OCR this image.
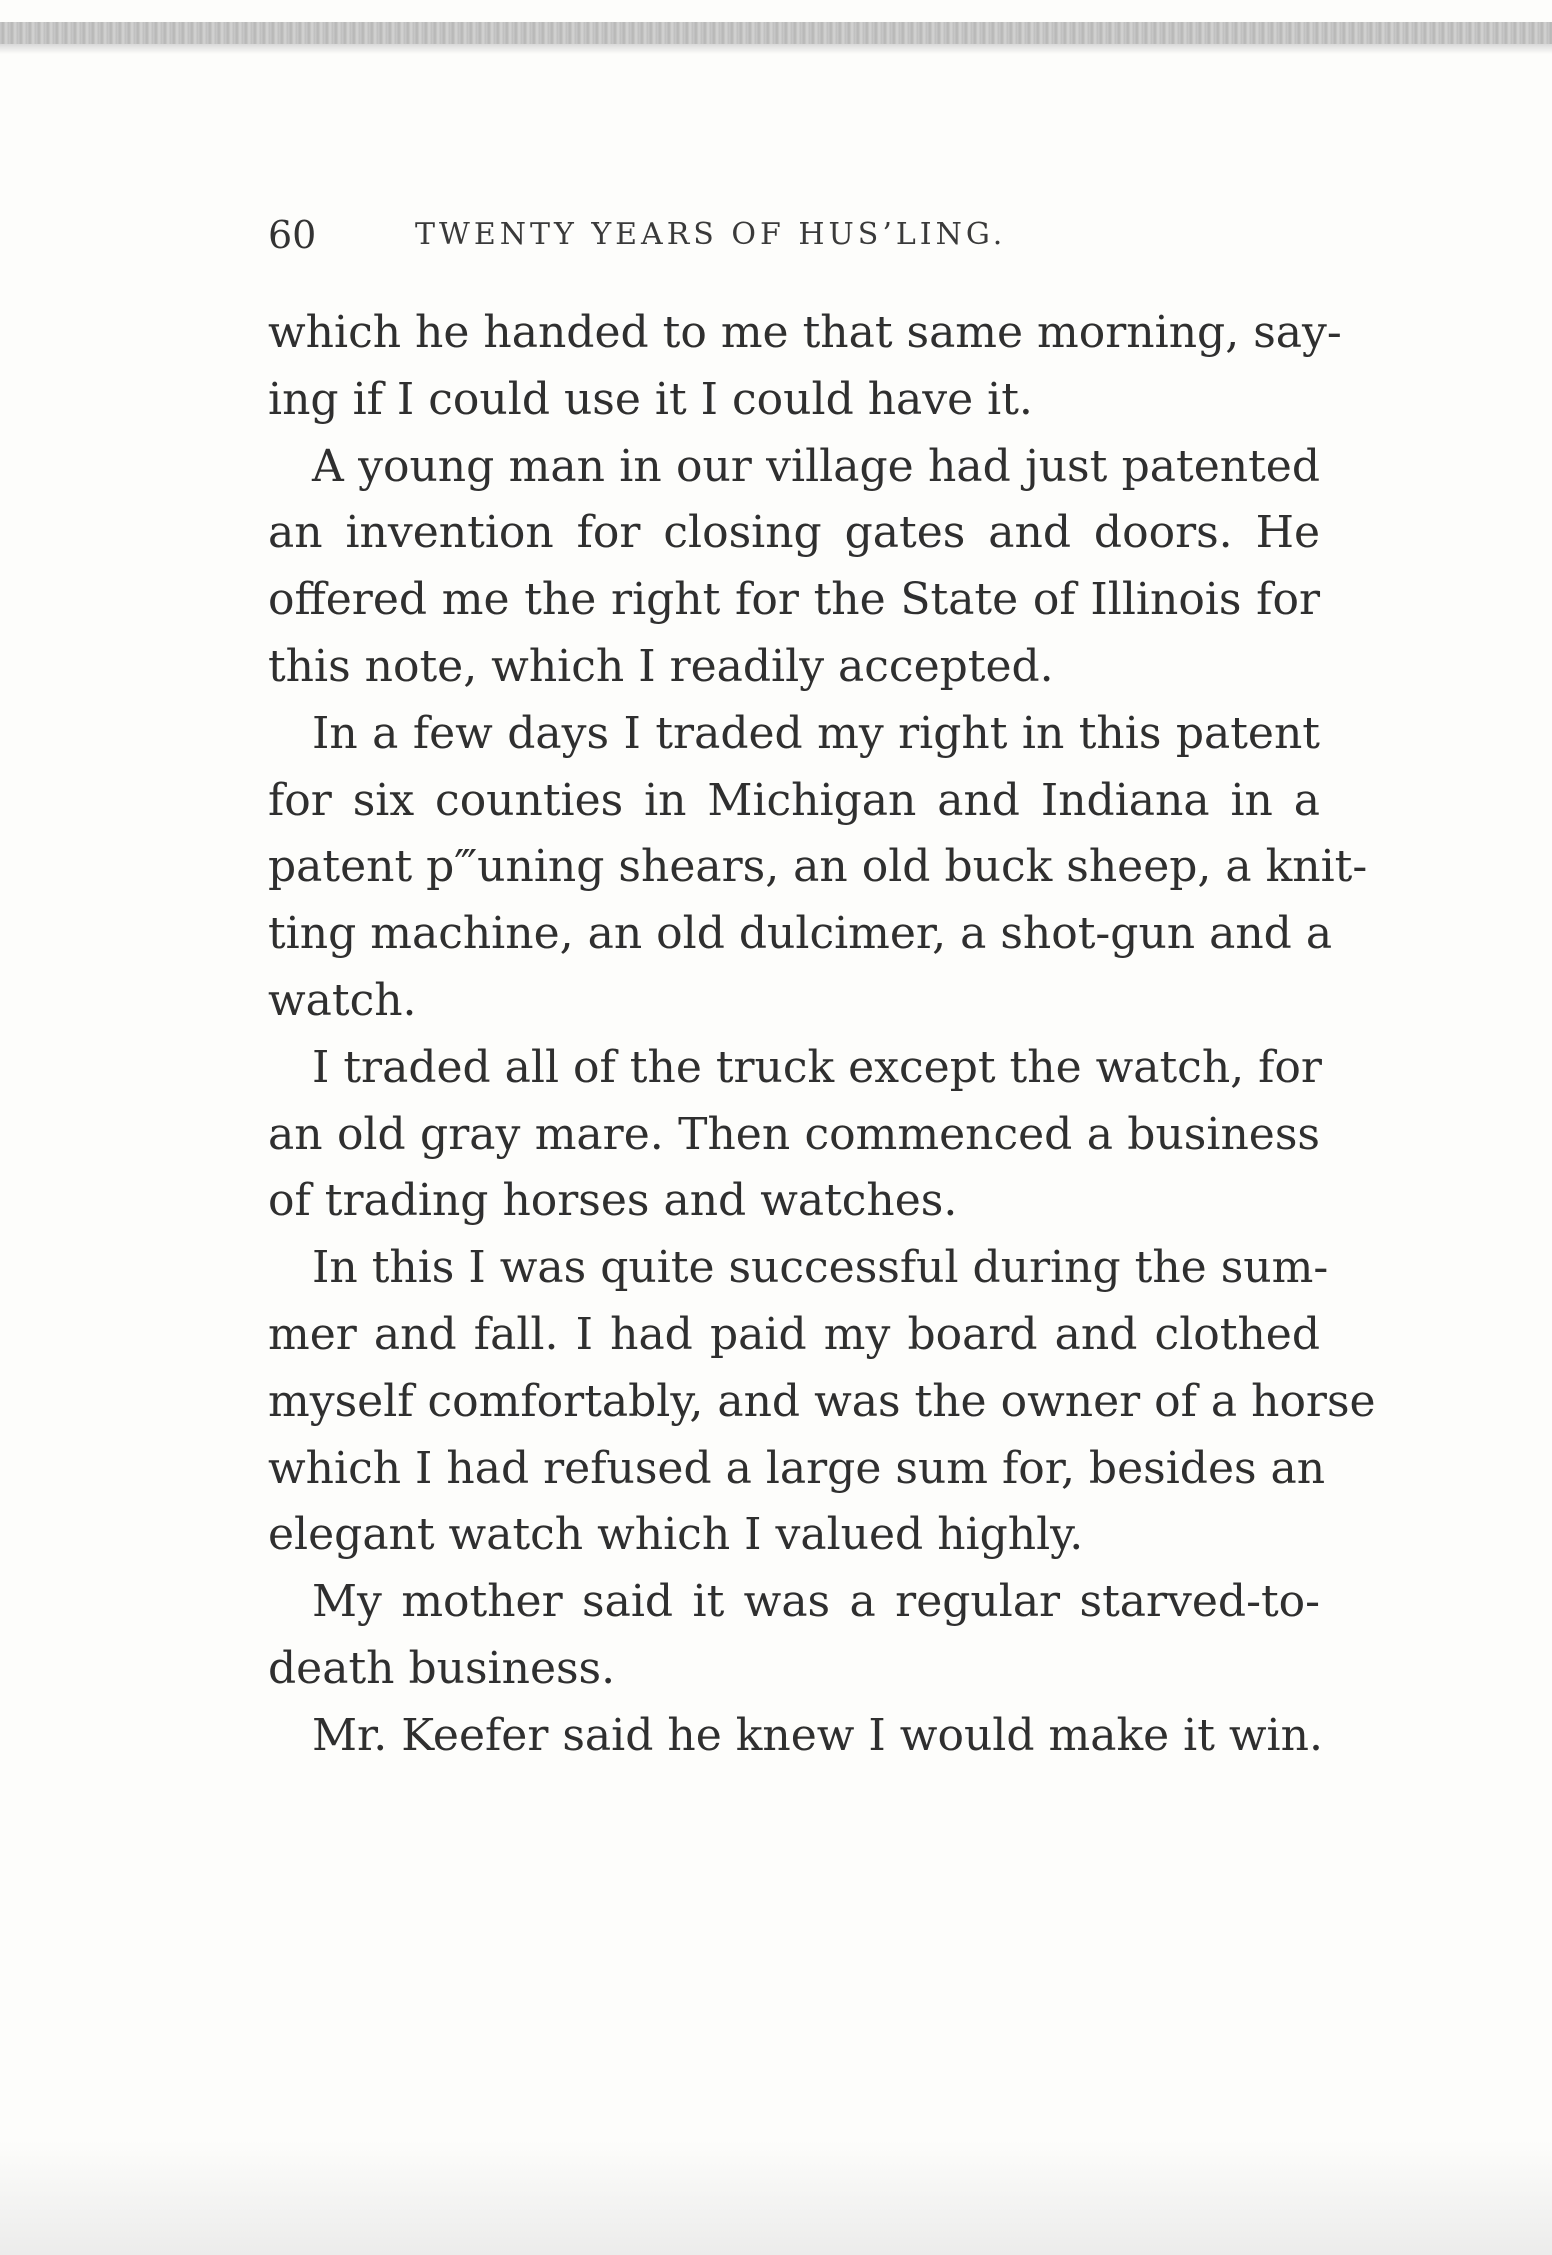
60	TWENTY YEARS OF HUS’LING.
which he handed to me that same morning, say-
ing if I could use it I could have it.
A young man in our village had just patented
an invention for closing gates and doors. He
offered me the right for the State of Illinois for
this note, which I readily accepted.
In a few days I traded my right in this patent
for six counties in Michigan and Indiana in a
patent p‴uning shears, an old buck sheep, a knit-
ting machine, an old dulcimer, a shot-gun and a
watch.
I traded all of the truck except the watch, for
an old gray mare. Then commenced a business
of trading horses and watches.
In this I was quite successful during the sum-
mer and fall. I had paid my board and clothed
myself comfortably, and was the owner of a horse
which I had refused a large sum for, besides an
elegant watch which I valued highly.
My mother said it was a regular starved-to-
death business.
Mr. Keefer said he knew I would make it win.
